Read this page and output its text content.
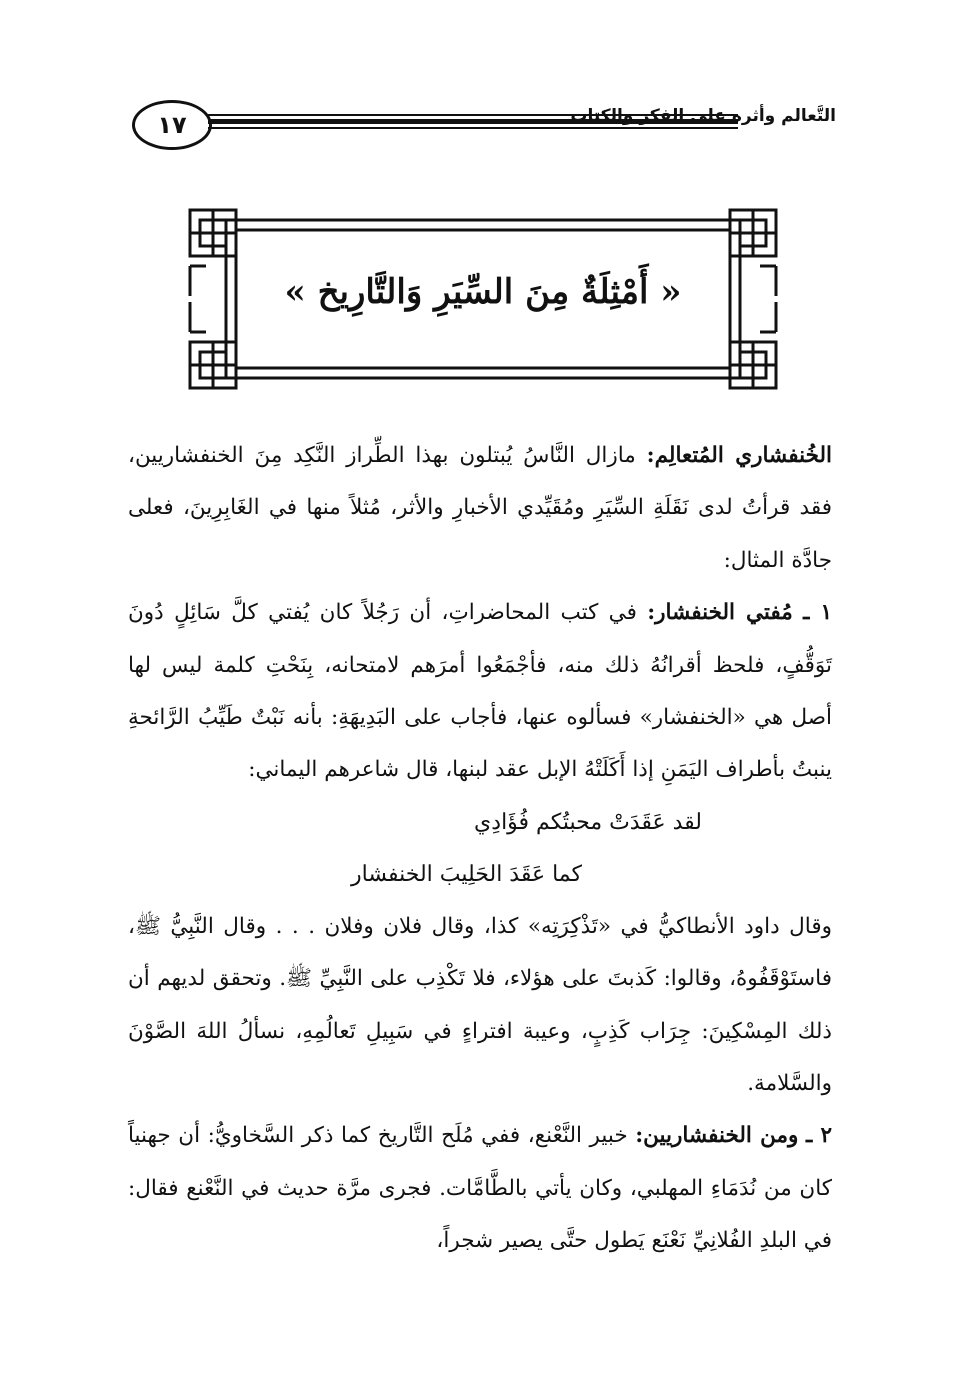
١٧	التَّعالم وأثره على الفكر والكتاب
« أَمْثِلَةٌ مِنَ السِّيَرِ وَالتَّارِيخ »

الخُنفشاري المُتعالِم: مازال النَّاسُ يُبتلون بهذا الطِّراز النَّكِد مِنَ الخنفشاريين، فقد قرأتُ لدى نَقَلَةِ السِّيَرِ ومُقَيِّدي الأخبارِ والأثر، مُثلاً منها في الغَابِرِينَ، فعلى جادَّة المثال:

١ ـ مُفتي الخنفشار: في كتب المحاضراتِ، أن رَجُلاً كان يُفتي كلَّ سَائِلٍ دُونَ تَوَقُّفٍ، فلحظ أقرانُهُ ذلك منه، فأجْمَعُوا أمرَهم لامتحانه، بِنَحْتِ كلمة ليس لها أصل هي «الخنفشار» فسألوه عنها، فأجاب على البَدِيهَةِ: بأنه نَبْتٌ طَيِّبُ الرَّائحةِ ينبتُ بأطراف اليَمَنِ إذا أَكَلَتْهُ الإبل عقد لبنها، قال شاعرهم اليماني:

لقد عَقَدَتْ محبتُكم فُؤَادِي
كما عَقَدَ الحَلِيبَ الخنفشار

وقال داود الأنطاكيُّ في «تَذْكِرَتِه» كذا، وقال فلان وفلان . . . وقال النَّبِيُّ ﷺ، فاستَوْقَفُوهُ، وقالوا: كَذبتَ على هؤلاء، فلا تَكْذِب على النَّبِيِّ ﷺ. وتحقق لديهم أن ذلك المِسْكِينَ: جِرَاب كَذِبٍ، وعيبة افتراءٍ في سَبِيلِ تَعالُمِهِ، نسألُ اللهَ الصَّوْنَ والسَّلامة.

٢ ـ ومن الخنفشاريين: خبير النَّعْنع، ففي مُلَح التَّاريخ كما ذكر السَّخاويُّ: أن جهنياً كان من نُدَمَاءِ المهلبي، وكان يأتي بالطَّامَّات. فجرى مرَّة حديث في النَّعْنع فقال: في البلدِ الفُلانِيِّ نَعْنَع يَطول حتَّى يصير شجراً،
